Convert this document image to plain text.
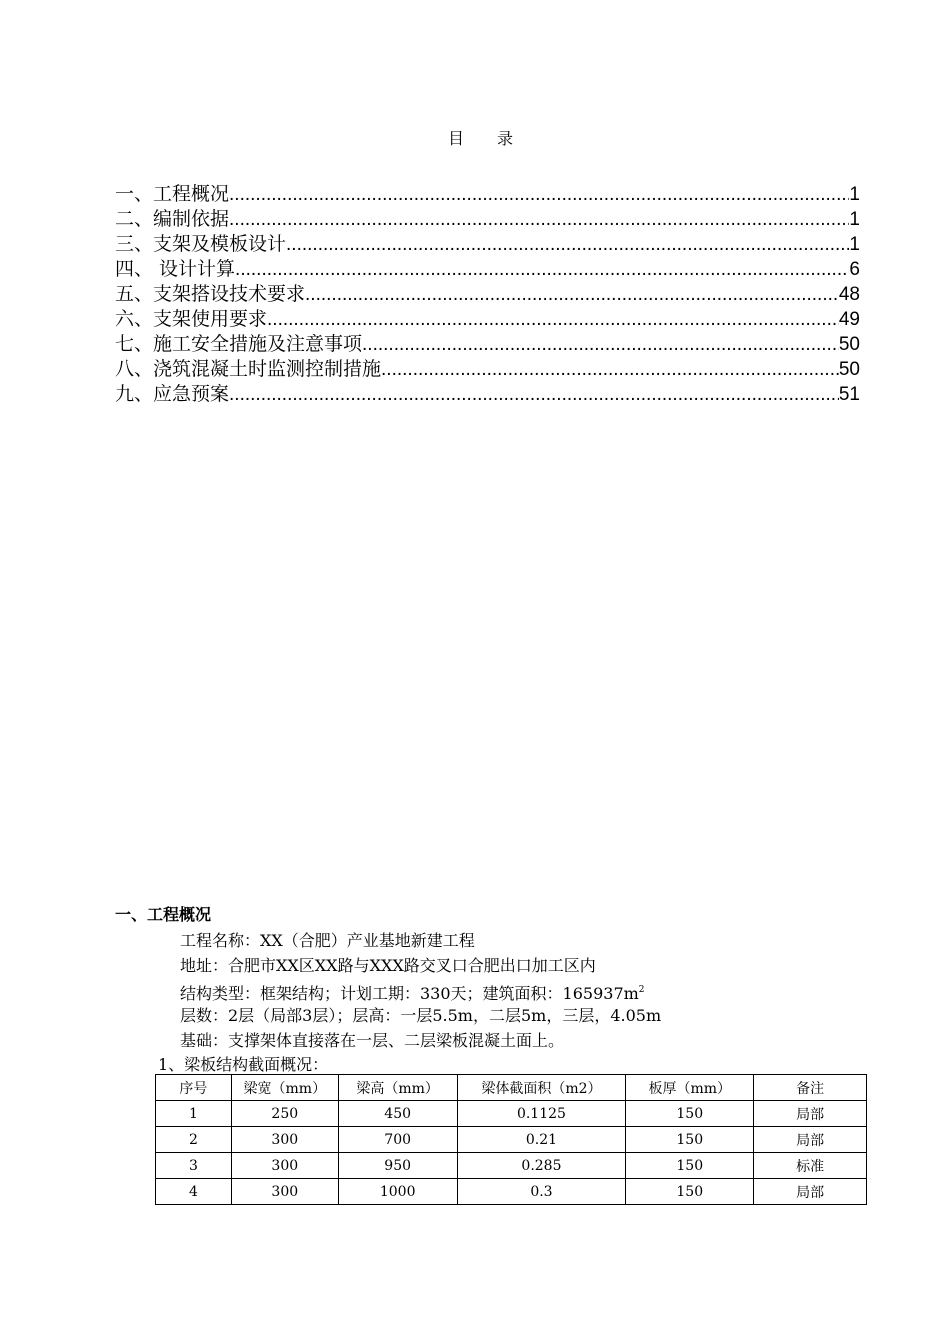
目 录
一、工程概况 .....	1
二、编制依据 .....	1
三、支架及模板设计 .....	1
四、 设计计算 .....	6
五、支架搭设技术要求 .....	48
六、支架使用要求 .....	49
七、施工安全措施及注意事项 .....	50
八、浇筑混凝土时监测控制措施 .....	50
九、应急预案 .....	51
一、工程概况
工程名称：XX（合肥）产业基地新建工程
地址：合肥市XX区XX路与XXX路交叉口合肥出口加工区内
结构类型：框架结构；计划工期：330天；建筑面积：$165937m^2$
层数：2层（局部3层）；层高：一层5.5m，二层5m，三层，4.05m
基础：支撑架体直接落在一层、二层梁板混凝土面上。
1、梁板结构截面概况：
序号	梁宽（mm）	梁高（mm）	梁体截面积（m2）	板厚（mm）	备注
1	250	450	0.1125	150	局部
2	300	700	0.21	150	局部
3	300	950	0.285	150	标准
4	300	1000	0.3	150	局部
